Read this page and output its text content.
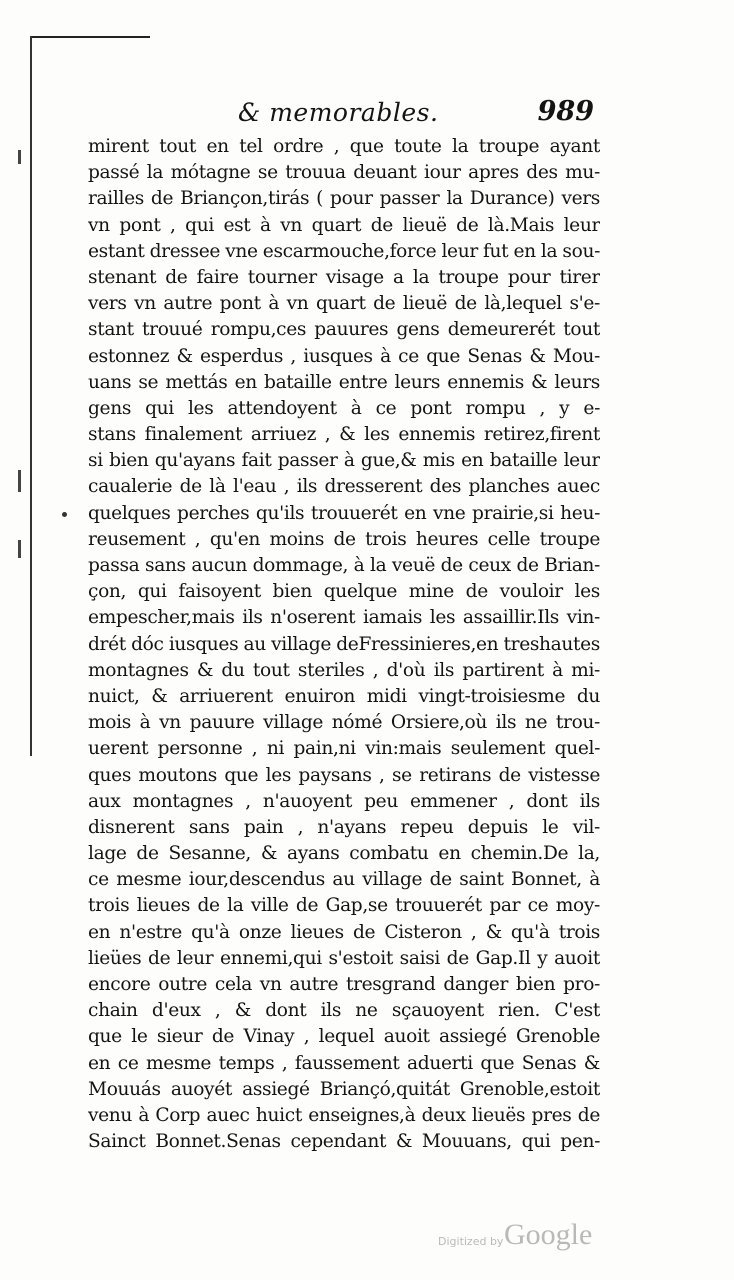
& memorables.	989
mirent tout en tel ordre , que toute la troupe ayant
passé la mótagne se trouua deuant iour apres des mu-
railles de Briançon,tirás ( pour passer la Durance) vers
vn pont , qui est à vn quart de lieuë de là.Mais leur
estant dressee vne escarmouche,force leur fut en la sou-
stenant de faire tourner visage a la troupe pour tirer
vers vn autre pont à vn quart de lieuë de là,lequel s'e-
stant trouué rompu,ces pauures gens demeurerét tout
estonnez & esperdus , iusques à ce que Senas & Mou-
uans se mettás en bataille entre leurs ennemis & leurs
gens qui les attendoyent à ce pont rompu , y e-
stans finalement arriuez , & les ennemis retirez,firent
si bien qu'ayans fait passer à gue,& mis en bataille leur
caualerie de là l'eau , ils dresserent des planches auec
quelques perches qu'ils trouuerét en vne prairie,si heu-
reusement , qu'en moins de trois heures celle troupe
passa sans aucun dommage, à la veuë de ceux de Brian-
çon, qui faisoyent bien quelque mine de vouloir les
empescher,mais ils n'oserent iamais les assaillir.Ils vin-
drét dóc iusques au village deFressinieres,en treshautes
montagnes & du tout steriles , d'où ils partirent à mi-
nuict, & arriuerent enuiron midi vingt-troisiesme du
mois à vn pauure village nómé Orsiere,où ils ne trou-
uerent personne , ni pain,ni vin:mais seulement quel-
ques moutons que les paysans , se retirans de vistesse
aux montagnes , n'auoyent peu emmener , dont ils
disnerent sans pain , n'ayans repeu depuis le vil-
lage de Sesanne, & ayans combatu en chemin.De la,
ce mesme iour,descendus au village de saint Bonnet, à
trois lieues de la ville de Gap,se trouuerét par ce moy-
en n'estre qu'à onze lieues de Cisteron , & qu'à trois
lieües de leur ennemi,qui s'estoit saisi de Gap.Il y auoit
encore outre cela vn autre tresgrand danger bien pro-
chain d'eux , & dont ils ne sçauoyent rien. C'est
que le sieur de Vinay , lequel auoit assiegé Grenoble
en ce mesme temps , faussement aduerti que Senas &
Mouuás auoyét assiegé Briançó,quitát Grenoble,estoit
venu à Corp auec huict enseignes,à deux lieuës pres de
Sainct Bonnet.Senas cependant & Mouuans, qui pen-
Digitized by Google
